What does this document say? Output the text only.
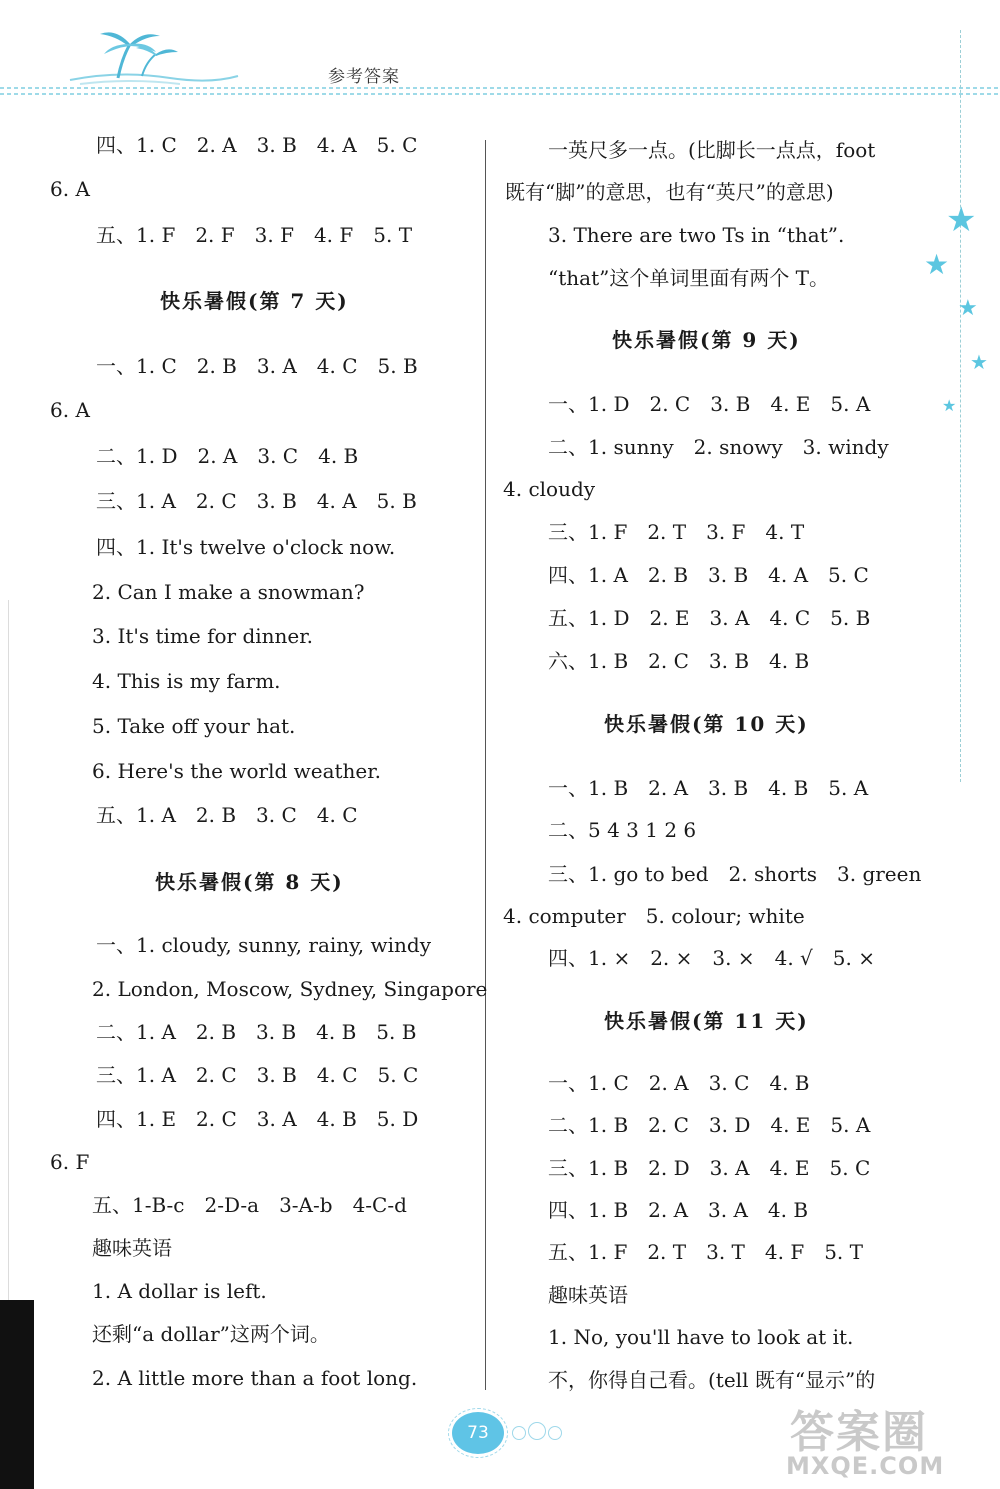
参考答案
★
★
★
★
★
四、1. C　2. A　3. B　4. A　5. C
6. A
五、1. F　2. F　3. F　4. F　5. T
快乐暑假(第 7 天)
一、1. C　2. B　3. A　4. C　5. B
6. A
二、1. D　2. A　3. C　4. B
三、1. A　2. C　3. B　4. A　5. B
四、1. It's twelve o'clock now.
2. Can I make a snowman?
3. It's time for dinner.
4. This is my farm.
5. Take off your hat.
6. Here's the world weather.
五、1. A　2. B　3. C　4. C
快乐暑假(第 8 天)
一、1. cloudy, sunny, rainy, windy
2. London, Moscow, Sydney, Singapore
二、1. A　2. B　3. B　4. B　5. B
三、1. A　2. C　3. B　4. C　5. C
四、1. E　2. C　3. A　4. B　5. D
6. F
五、1-B-c　2-D-a　3-A-b　4-C-d
趣味英语
1. A dollar is left.
还剩“a dollar”这两个词。
2. A little more than a foot long.
一英尺多一点。(比脚长一点点，foot
既有“脚”的意思，也有“英尺”的意思)
3. There are two Ts in “that”.
“that”这个单词里面有两个 T。
快乐暑假(第 9 天)
一、1. D　2. C　3. B　4. E　5. A
二、1. sunny　2. snowy　3. windy
4. cloudy
三、1. F　2. T　3. F　4. T
四、1. A　2. B　3. B　4. A　5. C
五、1. D　2. E　3. A　4. C　5. B
六、1. B　2. C　3. B　4. B
快乐暑假(第 10 天)
一、1. B　2. A　3. B　4. B　5. A
二、5 4 3 1 2 6
三、1. go to bed　2. shorts　3. green
4. computer　5. colour; white
四、1. ×　2. ×　3. ×　4. √　5. ×
快乐暑假(第 11 天)
一、1. C　2. A　3. C　4. B
二、1. B　2. C　3. D　4. E　5. A
三、1. B　2. D　3. A　4. E　5. C
四、1. B　2. A　3. A　4. B
五、1. F　2. T　3. T　4. F　5. T
趣味英语
1. No, you'll have to look at it.
不，你得自己看。(tell 既有“显示”的
73	答案圈
MXQE.COM
